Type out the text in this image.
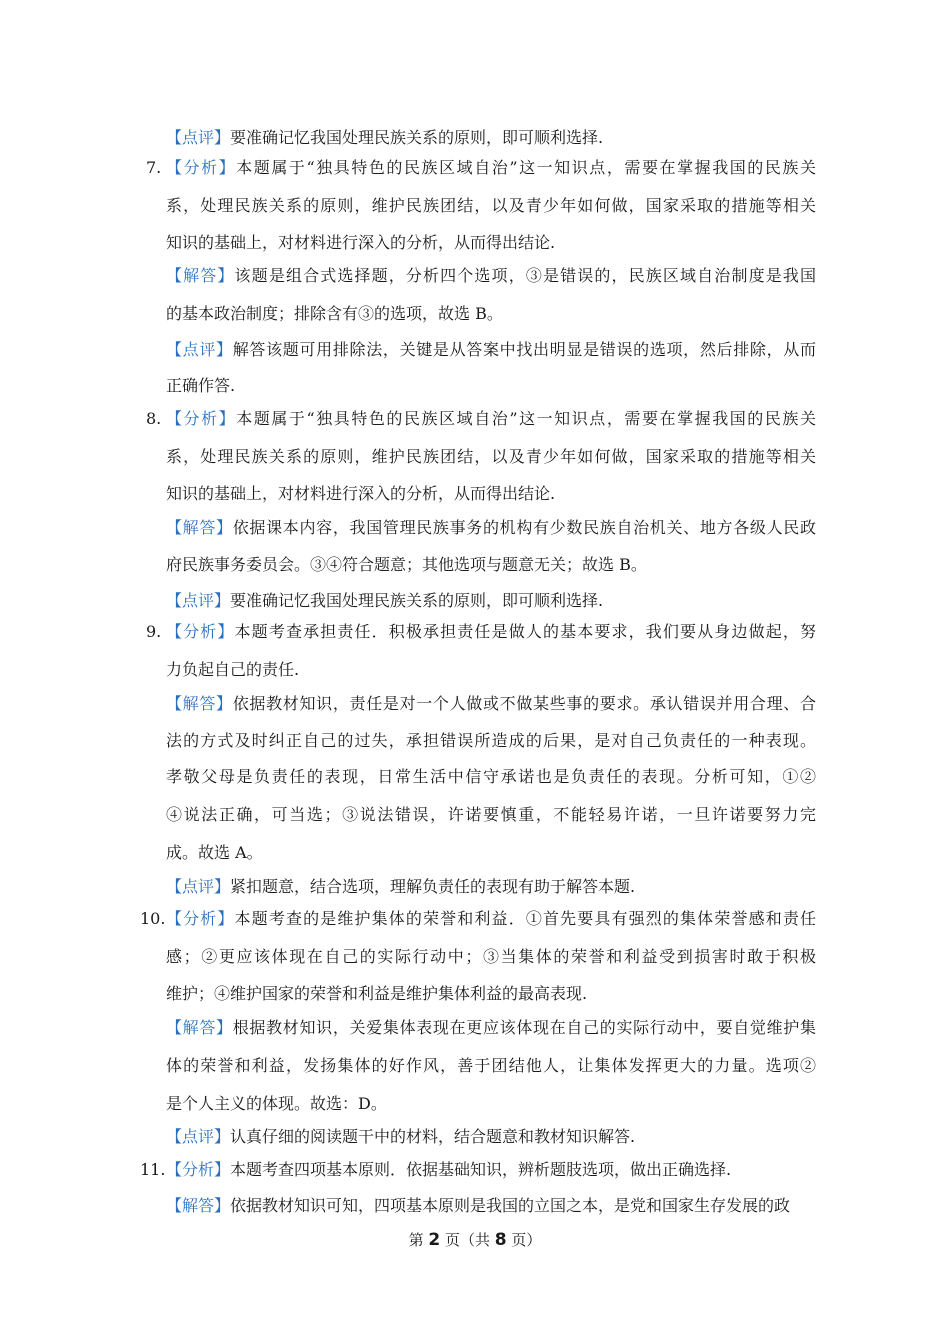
【点评】要准确记忆我国处理民族关系的原则，即可顺利选择.
【分析】本题属于“独具特色的民族区域自治”这一知识点，需要在掌握我国的民族关
7.
系，处理民族关系的原则，维护民族团结，以及青少年如何做，国家采取的措施等相关
知识的基础上，对材料进行深入的分析，从而得出结论.
【解答】该题是组合式选择题，分析四个选项，③是错误的，民族区域自治制度是我国
的基本政治制度；排除含有③的选项，故选 B。
【点评】解答该题可用排除法，关键是从答案中找出明显是错误的选项，然后排除，从而
正确作答.
【分析】本题属于“独具特色的民族区域自治”这一知识点，需要在掌握我国的民族关
8.
系，处理民族关系的原则，维护民族团结，以及青少年如何做，国家采取的措施等相关
知识的基础上，对材料进行深入的分析，从而得出结论.
【解答】依据课本内容，我国管理民族事务的机构有少数民族自治机关、地方各级人民政
府民族事务委员会。③④符合题意；其他选项与题意无关；故选 B。
【点评】要准确记忆我国处理民族关系的原则，即可顺利选择.
【分析】本题考查承担责任．积极承担责任是做人的基本要求，我们要从身边做起，努
9.
力负起自己的责任.
【解答】依据教材知识，责任是对一个人做或不做某些事的要求。承认错误并用合理、合
法的方式及时纠正自己的过失，承担错误所造成的后果，是对自己负责任的一种表现。
孝敬父母是负责任的表现，日常生活中信守承诺也是负责任的表现。分析可知，①②
④说法正确，可当选；③说法错误，许诺要慎重，不能轻易许诺，一旦许诺要努力完
成。故选 A。
【点评】紧扣题意，结合选项，理解负责任的表现有助于解答本题.
【分析】本题考查的是维护集体的荣誉和利益．①首先要具有强烈的集体荣誉感和责任
10.
感；②更应该体现在自己的实际行动中；③当集体的荣誉和利益受到损害时敢于积极
维护；④维护国家的荣誉和利益是维护集体利益的最高表现.
【解答】根据教材知识，关爱集体表现在更应该体现在自己的实际行动中，要自觉维护集
体的荣誉和利益，发扬集体的好作风，善于团结他人，让集体发挥更大的力量。选项②
是个人主义的体现。故选：D。
【点评】认真仔细的阅读题干中的材料，结合题意和教材知识解答.
【分析】本题考查四项基本原则．依据基础知识，辨析题肢选项，做出正确选择.
11.
【解答】依据教材知识可知，四项基本原则是我国的立国之本，是党和国家生存发展的政
第 2 页（共 8 页）
